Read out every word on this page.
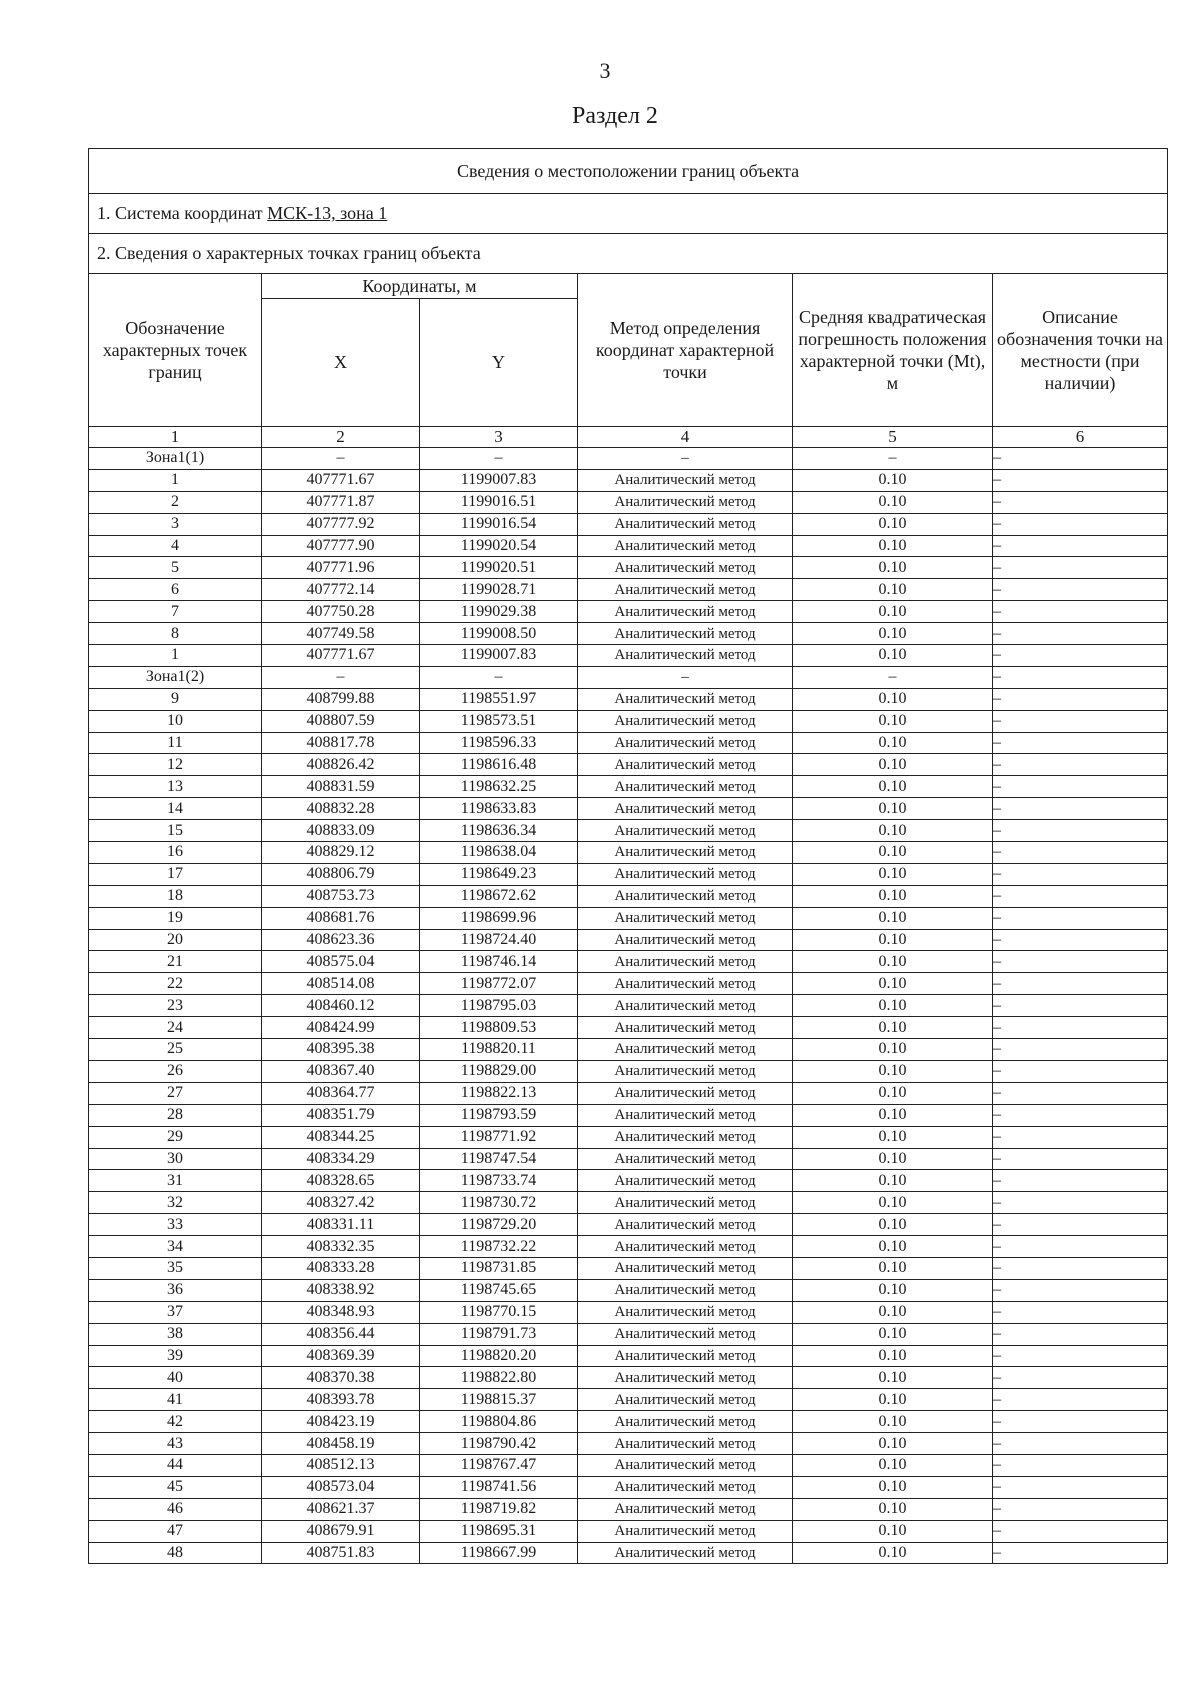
3
Раздел 2
Сведения о местоположении границ объекта					
1. Система координат МСК-13, зона 1					
2. Сведения о характерных точках границ объекта					
Обозначение характерных точек границ	Координаты, м		Метод определения координат характерной точки	Средняя квадратическая погрешность положения характерной точки (Mt), м	Описание обозначения точки на местности (при наличии)
	X	Y			
1	2	3	4	5	6
Зона1(1)	–	–	–	–	–
1	407771.67	1199007.83	Аналитический метод	0.10	–
2	407771.87	1199016.51	Аналитический метод	0.10	–
3	407777.92	1199016.54	Аналитический метод	0.10	–
4	407777.90	1199020.54	Аналитический метод	0.10	–
5	407771.96	1199020.51	Аналитический метод	0.10	–
6	407772.14	1199028.71	Аналитический метод	0.10	–
7	407750.28	1199029.38	Аналитический метод	0.10	–
8	407749.58	1199008.50	Аналитический метод	0.10	–
1	407771.67	1199007.83	Аналитический метод	0.10	–
Зона1(2)	–	–	–	–	–
9	408799.88	1198551.97	Аналитический метод	0.10	–
10	408807.59	1198573.51	Аналитический метод	0.10	–
11	408817.78	1198596.33	Аналитический метод	0.10	–
12	408826.42	1198616.48	Аналитический метод	0.10	–
13	408831.59	1198632.25	Аналитический метод	0.10	–
14	408832.28	1198633.83	Аналитический метод	0.10	–
15	408833.09	1198636.34	Аналитический метод	0.10	–
16	408829.12	1198638.04	Аналитический метод	0.10	–
17	408806.79	1198649.23	Аналитический метод	0.10	–
18	408753.73	1198672.62	Аналитический метод	0.10	–
19	408681.76	1198699.96	Аналитический метод	0.10	–
20	408623.36	1198724.40	Аналитический метод	0.10	–
21	408575.04	1198746.14	Аналитический метод	0.10	–
22	408514.08	1198772.07	Аналитический метод	0.10	–
23	408460.12	1198795.03	Аналитический метод	0.10	–
24	408424.99	1198809.53	Аналитический метод	0.10	–
25	408395.38	1198820.11	Аналитический метод	0.10	–
26	408367.40	1198829.00	Аналитический метод	0.10	–
27	408364.77	1198822.13	Аналитический метод	0.10	–
28	408351.79	1198793.59	Аналитический метод	0.10	–
29	408344.25	1198771.92	Аналитический метод	0.10	–
30	408334.29	1198747.54	Аналитический метод	0.10	–
31	408328.65	1198733.74	Аналитический метод	0.10	–
32	408327.42	1198730.72	Аналитический метод	0.10	–
33	408331.11	1198729.20	Аналитический метод	0.10	–
34	408332.35	1198732.22	Аналитический метод	0.10	–
35	408333.28	1198731.85	Аналитический метод	0.10	–
36	408338.92	1198745.65	Аналитический метод	0.10	–
37	408348.93	1198770.15	Аналитический метод	0.10	–
38	408356.44	1198791.73	Аналитический метод	0.10	–
39	408369.39	1198820.20	Аналитический метод	0.10	–
40	408370.38	1198822.80	Аналитический метод	0.10	–
41	408393.78	1198815.37	Аналитический метод	0.10	–
42	408423.19	1198804.86	Аналитический метод	0.10	–
43	408458.19	1198790.42	Аналитический метод	0.10	–
44	408512.13	1198767.47	Аналитический метод	0.10	–
45	408573.04	1198741.56	Аналитический метод	0.10	–
46	408621.37	1198719.82	Аналитический метод	0.10	–
47	408679.91	1198695.31	Аналитический метод	0.10	–
48	408751.83	1198667.99	Аналитический метод	0.10	–
